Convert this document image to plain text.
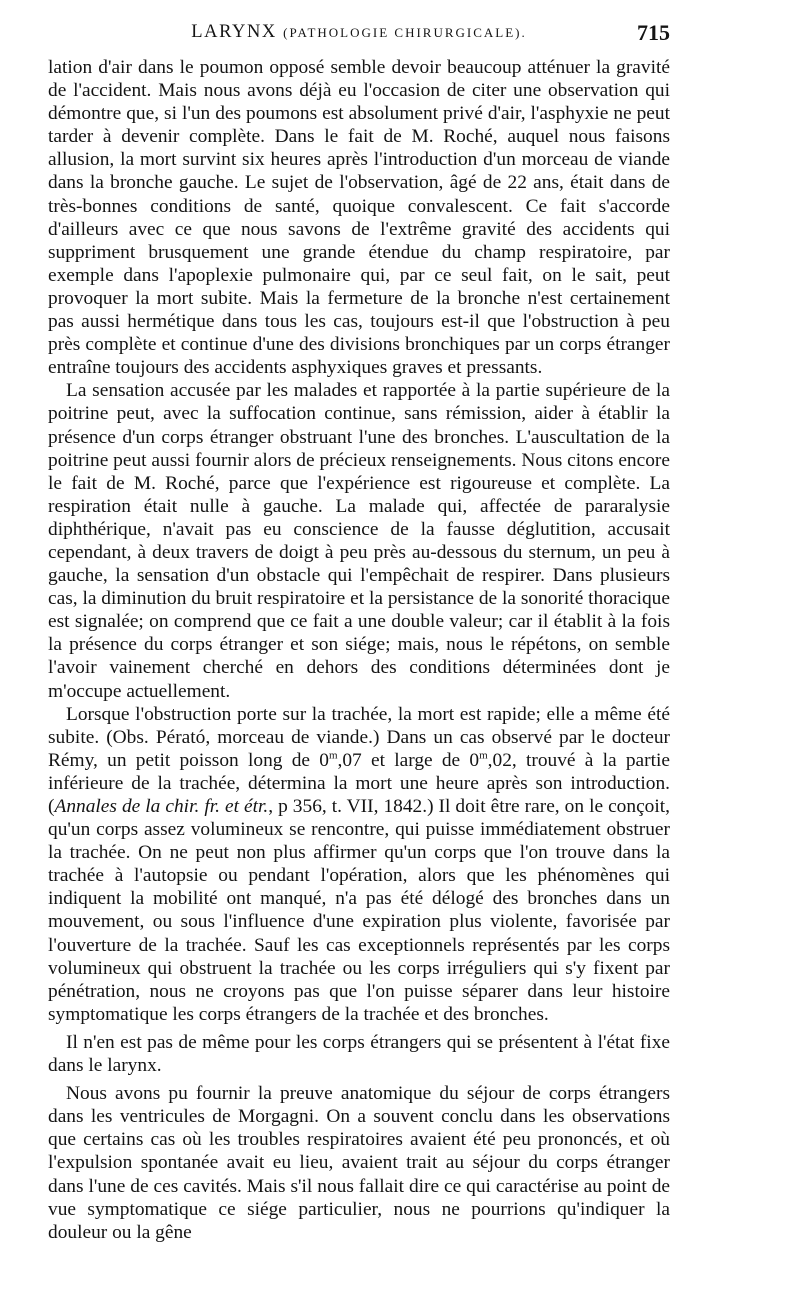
LARYNX (PATHOLOGIE CHIRURGICALE).	715

lation d'air dans le poumon opposé semble devoir beaucoup atténuer la gravité de l'accident. Mais nous avons déjà eu l'occasion de citer une observation qui démontre que, si l'un des poumons est absolument privé d'air, l'asphyxie ne peut tarder à devenir complète. Dans le fait de M. Roché, auquel nous faisons allusion, la mort survint six heures après l'introduction d'un morceau de viande dans la bronche gauche. Le sujet de l'observation, âgé de 22 ans, était dans de très-bonnes conditions de santé, quoique convalescent. Ce fait s'accorde d'ailleurs avec ce que nous savons de l'extrême gravité des accidents qui suppriment brusquement une grande étendue du champ respiratoire, par exemple dans l'apoplexie pulmonaire qui, par ce seul fait, on le sait, peut provoquer la mort subite. Mais la fermeture de la bronche n'est certainement pas aussi hermétique dans tous les cas, toujours est-il que l'obstruction à peu près complète et continue d'une des divisions bronchiques par un corps étranger entraîne toujours des accidents asphyxiques graves et pressants.

La sensation accusée par les malades et rapportée à la partie supérieure de la poitrine peut, avec la suffocation continue, sans rémission, aider à établir la présence d'un corps étranger obstruant l'une des bronches. L'auscultation de la poitrine peut aussi fournir alors de précieux renseignements. Nous citons encore le fait de M. Roché, parce que l'expérience est rigoureuse et complète. La respiration était nulle à gauche. La malade qui, affectée de pararalysie diphthérique, n'avait pas eu conscience de la fausse déglutition, accusait cependant, à deux travers de doigt à peu près au-dessous du sternum, un peu à gauche, la sensation d'un obstacle qui l'empêchait de respirer. Dans plusieurs cas, la diminution du bruit respiratoire et la persistance de la sonorité thoracique est signalée; on comprend que ce fait a une double valeur; car il établit à la fois la présence du corps étranger et son siége; mais, nous le répétons, on semble l'avoir vainement cherché en dehors des conditions déterminées dont je m'occupe actuellement.

Lorsque l'obstruction porte sur la trachée, la mort est rapide; elle a même été subite. (Obs. Pérató, morceau de viande.) Dans un cas observé par le docteur Rémy, un petit poisson long de 0$^m$,07 et large de 0$^m$,02, trouvé à la partie inférieure de la trachée, détermina la mort une heure après son introduction. (Annales de la chir. fr. et étr., p 356, t. VII, 1842.) Il doit être rare, on le conçoit, qu'un corps assez volumineux se rencontre, qui puisse immédiatement obstruer la trachée. On ne peut non plus affirmer qu'un corps que l'on trouve dans la trachée à l'autopsie ou pendant l'opération, alors que les phénomènes qui indiquent la mobilité ont manqué, n'a pas été délogé des bronches dans un mouvement, ou sous l'influence d'une expiration plus violente, favorisée par l'ouverture de la trachée. Sauf les cas exceptionnels représentés par les corps volumineux qui obstruent la trachée ou les corps irréguliers qui s'y fixent par pénétration, nous ne croyons pas que l'on puisse séparer dans leur histoire symptomatique les corps étrangers de la trachée et des bronches.

Il n'en est pas de même pour les corps étrangers qui se présentent à l'état fixe dans le larynx.

Nous avons pu fournir la preuve anatomique du séjour de corps étrangers dans les ventricules de Morgagni. On a souvent conclu dans les observations que certains cas où les troubles respiratoires avaient été peu prononcés, et où l'expulsion spontanée avait eu lieu, avaient trait au séjour du corps étranger dans l'une de ces cavités. Mais s'il nous fallait dire ce qui caractérise au point de vue symptomatique ce siége particulier, nous ne pourrions qu'indiquer la douleur ou la gêne
